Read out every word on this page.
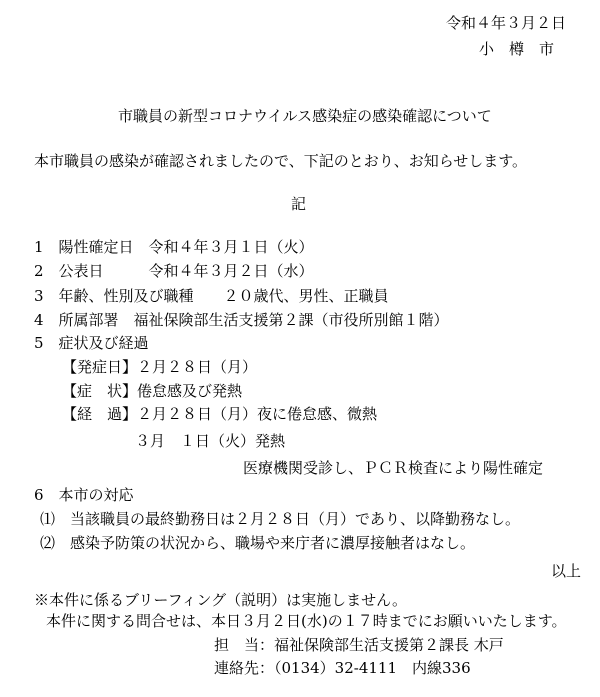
令和４年３月２日
小　樽　市
市職員の新型コロナウイルス感染症の感染確認について
本市職員の感染が確認されましたので、下記のとおり、お知らせします。
記
1　陽性確定日　令和４年３月１日（火）
2　公表日　　　令和４年３月２日（水）
3　年齢、性別及び職種　　２０歳代、男性、正職員
4　所属部署　福祉保険部生活支援第２課（市役所別館１階）
5　症状及び経過
【発症日】２月２８日（月）
【症　状】倦怠感及び発熱
【経　過】２月２８日（月）夜に倦怠感、微熱
３月　１日（火）発熱
医療機関受診し、ＰＣＲ検査により陽性確定
6　本市の対応
⑴　当該職員の最終勤務日は２月２８日（月）であり、以降勤務なし。
⑵　感染予防策の状況から、職場や来庁者に濃厚接触者はなし。
以上
※本件に係るブリーフィング（説明）は実施しません。
本件に関する問合せは、本日３月２日(水)の１７時までにお願いいたします。
担　当：福祉保険部生活支援第２課長 木戸
連絡先：（0134）32-4111　内線336
